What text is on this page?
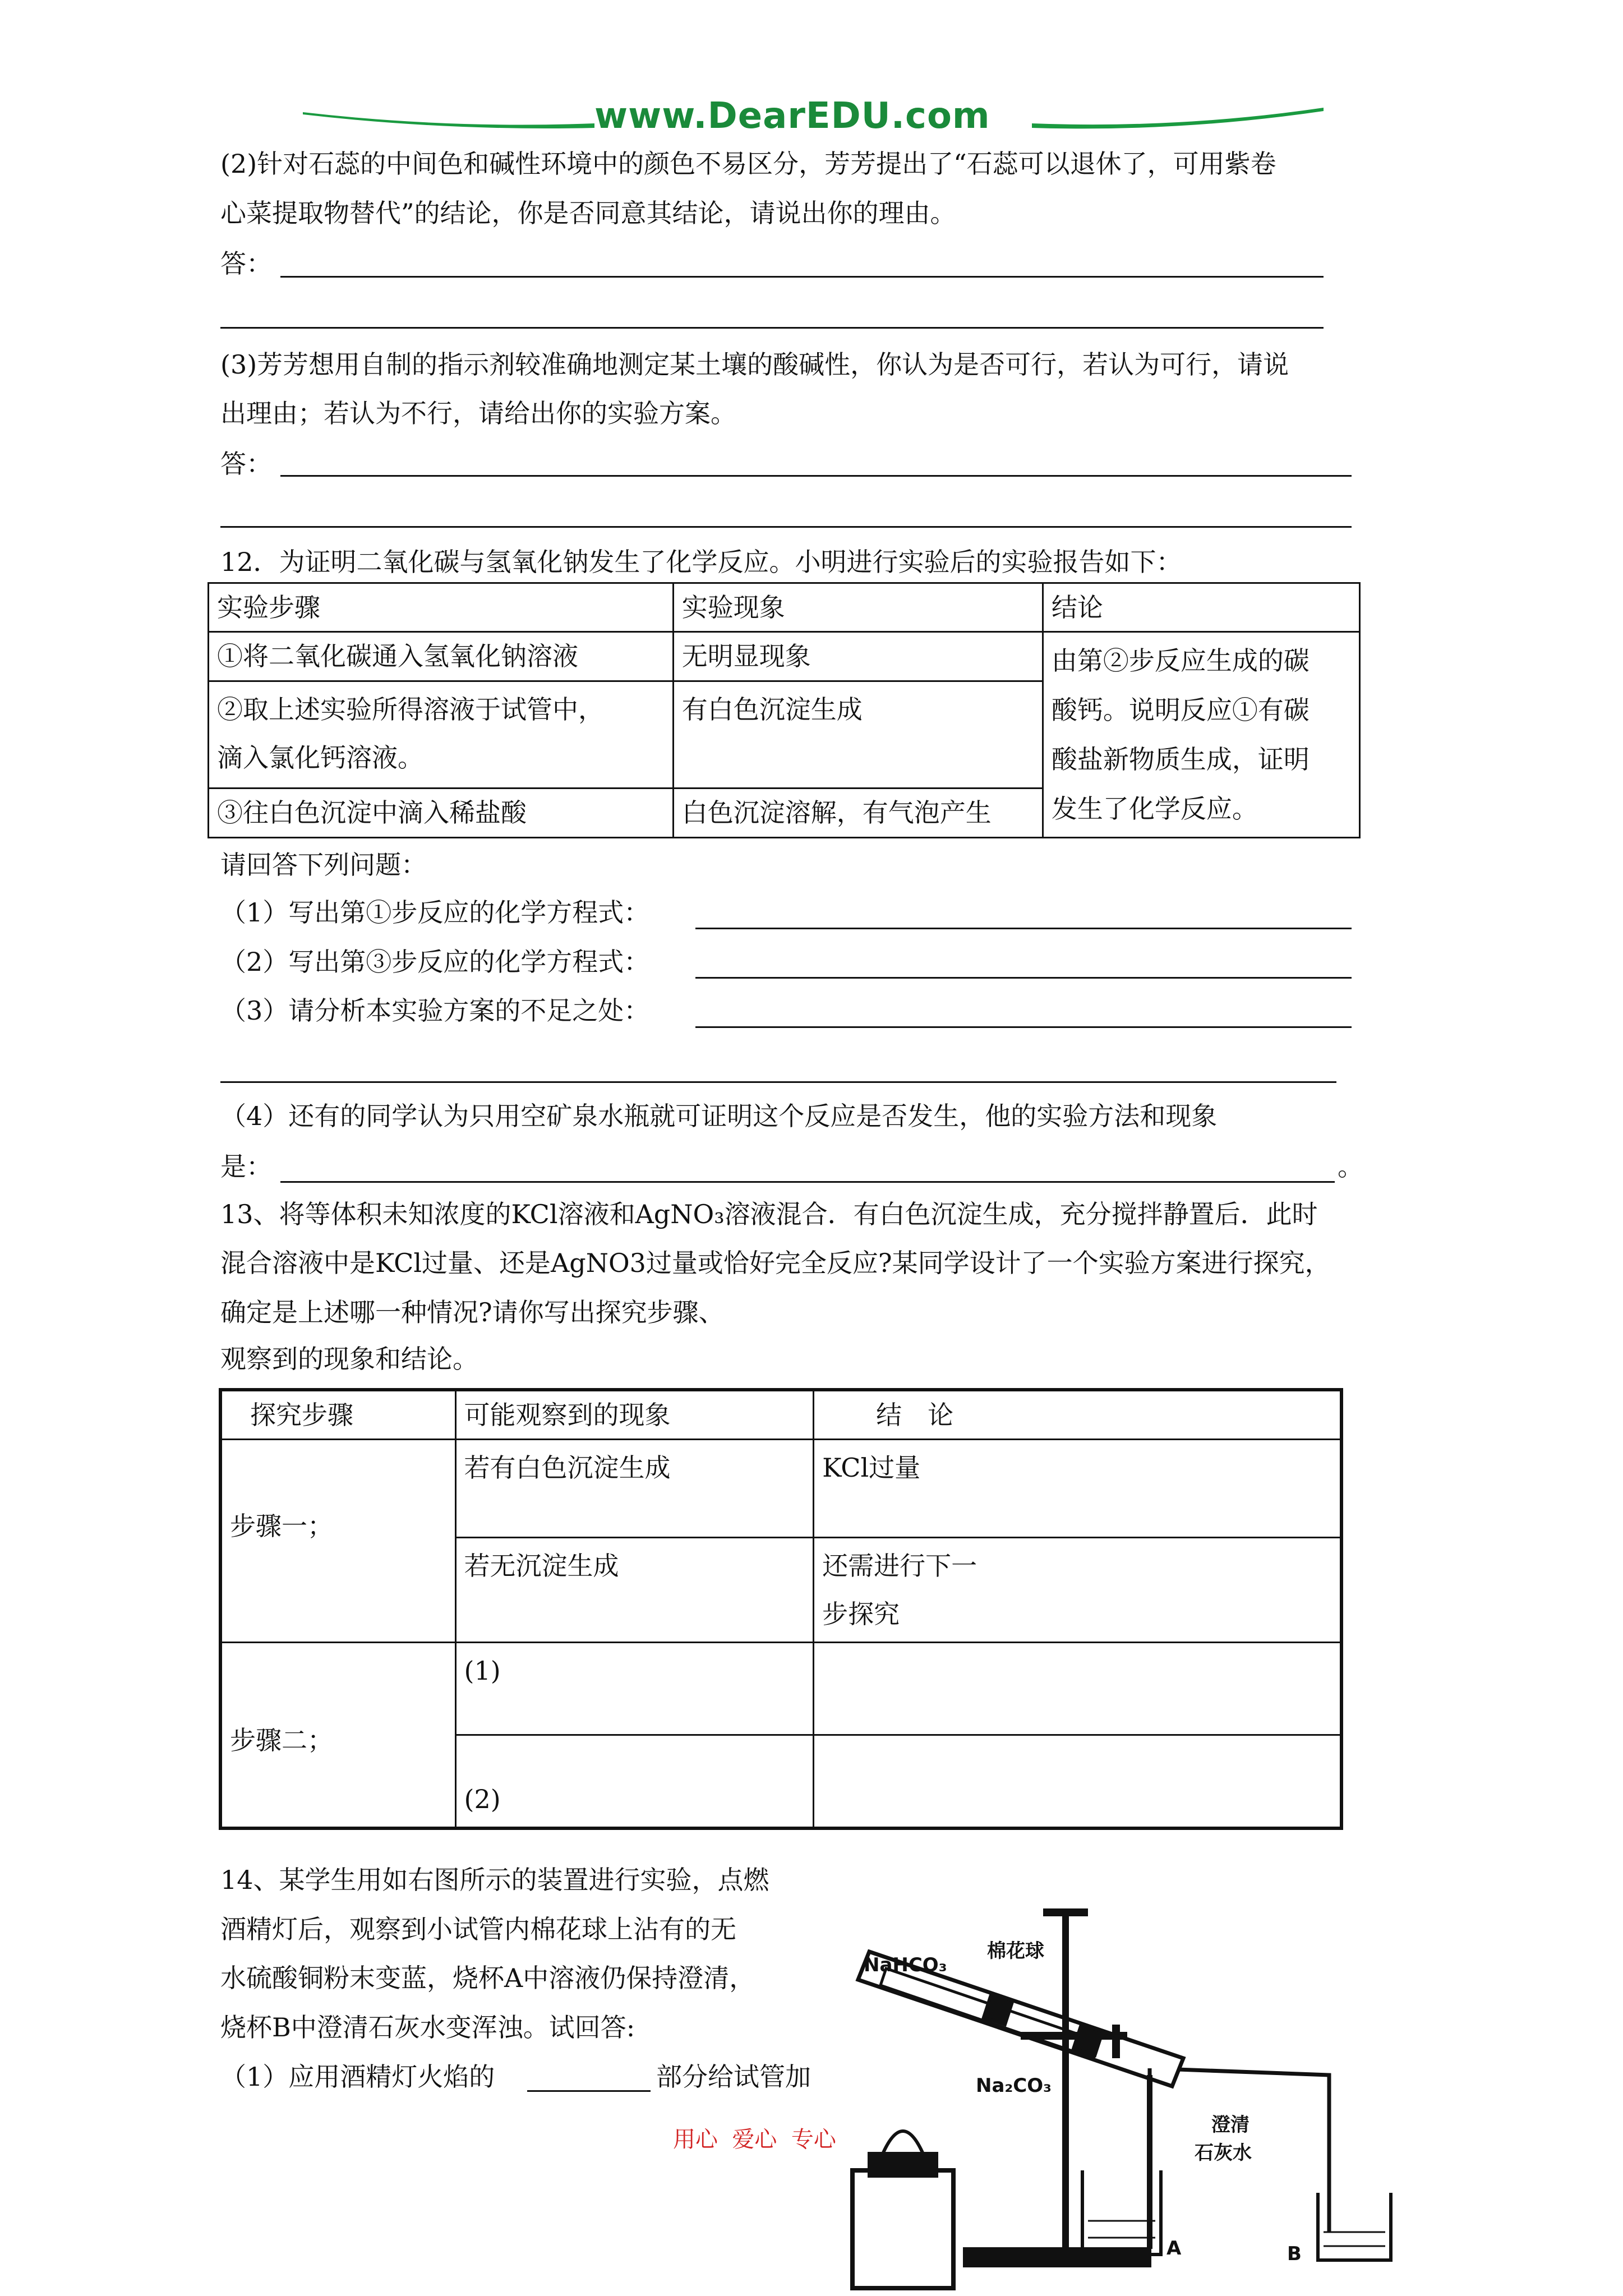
www.DearEDU.com
(2)针对石蕊的中间色和碱性环境中的颜色不易区分，芳芳提出了“石蕊可以退休了，可用紫卷
心菜提取物替代”的结论，你是否同意其结论，请说出你的理由。
答：
(3)芳芳想用自制的指示剂较准确地测定某土壤的酸碱性，你认为是否可行，若认为可行，请说
出理由；若认为不行，请给出你的实验方案。
答：
12．为证明二氧化碳与氢氧化钠发生了化学反应。小明进行实验后的实验报告如下：
实验步骤	实验现象	结论
①将二氧化碳通入氢氧化钠溶液	无明显现象	由第②步反应生成的碳
酸钙。说明反应①有碳
酸盐新物质生成，证明
发生了化学反应。

②取上述实验所得溶液于试管中，
滴入氯化钙溶液。	有白色沉淀生成	
③往白色沉淀中滴入稀盐酸	白色沉淀溶解，有气泡产生	
请回答下列问题：
（1）写出第①步反应的化学方程式：
（2）写出第③步反应的化学方程式：
（3）请分析本实验方案的不足之处：
（4）还有的同学认为只用空矿泉水瓶就可证明这个反应是否发生，他的实验方法和现象
是：	。
13、将等体积未知浓度的KCl溶液和AgNO₃溶液混合．有白色沉淀生成，充分搅拌静置后．此时
混合溶液中是KCl过量、还是AgNO3过量或恰好完全反应?某同学设计了一个实验方案进行探究，
确定是上述哪一种情况?请你写出探究步骤、
观察到的现象和结论。
探究步骤	可能观察到的现象	结　论
步骤一；	若有白色沉淀生成	KCl过量
	若无沉淀生成	还需进行下一
步探究

步骤二；	(1)	
	(2)	
14、某学生用如右图所示的装置进行实验，点燃
酒精灯后，观察到小试管内棉花球上沾有的无
水硫酸铜粉末变蓝，烧杯A中溶液仍保持澄清，
烧杯B中澄清石灰水变浑浊。试回答:
（1）应用酒精灯火焰的	部分给试管加
NaHCO₃
棉花球
Na₂CO₃
澄清
石灰水
A	B
用心  爱心  专心
